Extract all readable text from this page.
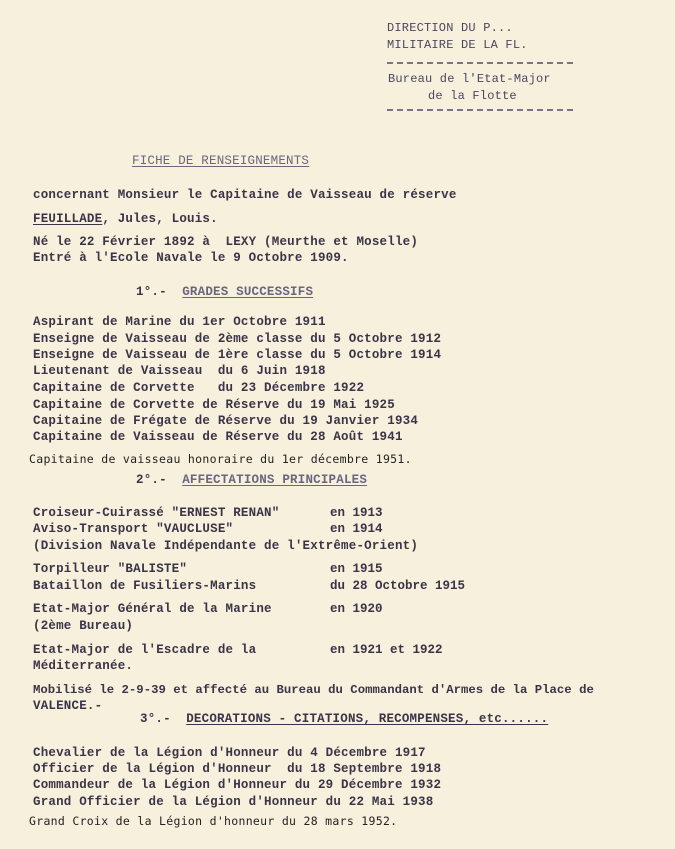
DIRECTION DU P...
MILITAIRE DE LA FL.
Bureau de l'Etat-Major
de la Flotte
FICHE DE RENSEIGNEMENTS
concernant Monsieur le Capitaine de Vaisseau de réserve
FEUILLADE, Jules, Louis.
Né le 22 Février 1892 à  LEXY (Meurthe et Moselle)
Entré à l'Ecole Navale le 9 Octobre 1909.
1°.- GRADES SUCCESSIFS
Aspirant de Marine du 1er Octobre 1911
Enseigne de Vaisseau de 2ème classe du 5 Octobre 1912
Enseigne de Vaisseau de 1ère classe du 5 Octobre 1914
Lieutenant de Vaisseau  du 6 Juin 1918
Capitaine de Corvette   du 23 Décembre 1922
Capitaine de Corvette de Réserve du 19 Mai 1925
Capitaine de Frégate de Réserve du 19 Janvier 1934
Capitaine de Vaisseau de Réserve du 28 Août 1941
Capitaine de vaisseau honoraire du 1er décembre 1951.
2°.- AFFECTATIONS PRINCIPALES
Croiseur-Cuirassé "ERNEST RENAN"	en 1913
Aviso-Transport "VAUCLUSE"	en 1914
(Division Navale Indépendante de l'Extrême-Orient)
Torpilleur "BALISTE"	en 1915
Bataillon de Fusiliers-Marins	du 28 Octobre 1915
Etat-Major Général de la Marine	en 1920
(2ème Bureau)
Etat-Major de l'Escadre de la	en 1921 et 1922
Méditerranée.
Mobilisé le 2-9-39 et affecté au Bureau du Commandant d'Armes de la Place de
VALENCE.-
3°.- DECORATIONS - CITATIONS, RECOMPENSES, etc......
Chevalier de la Légion d'Honneur du 4 Décembre 1917
Officier de la Légion d'Honneur  du 18 Septembre 1918
Commandeur de la Légion d'Honneur du 29 Décembre 1932
Grand Officier de la Légion d'Honneur du 22 Mai 1938
Grand Croix de la Légion d'honneur du 28 mars 1952.
